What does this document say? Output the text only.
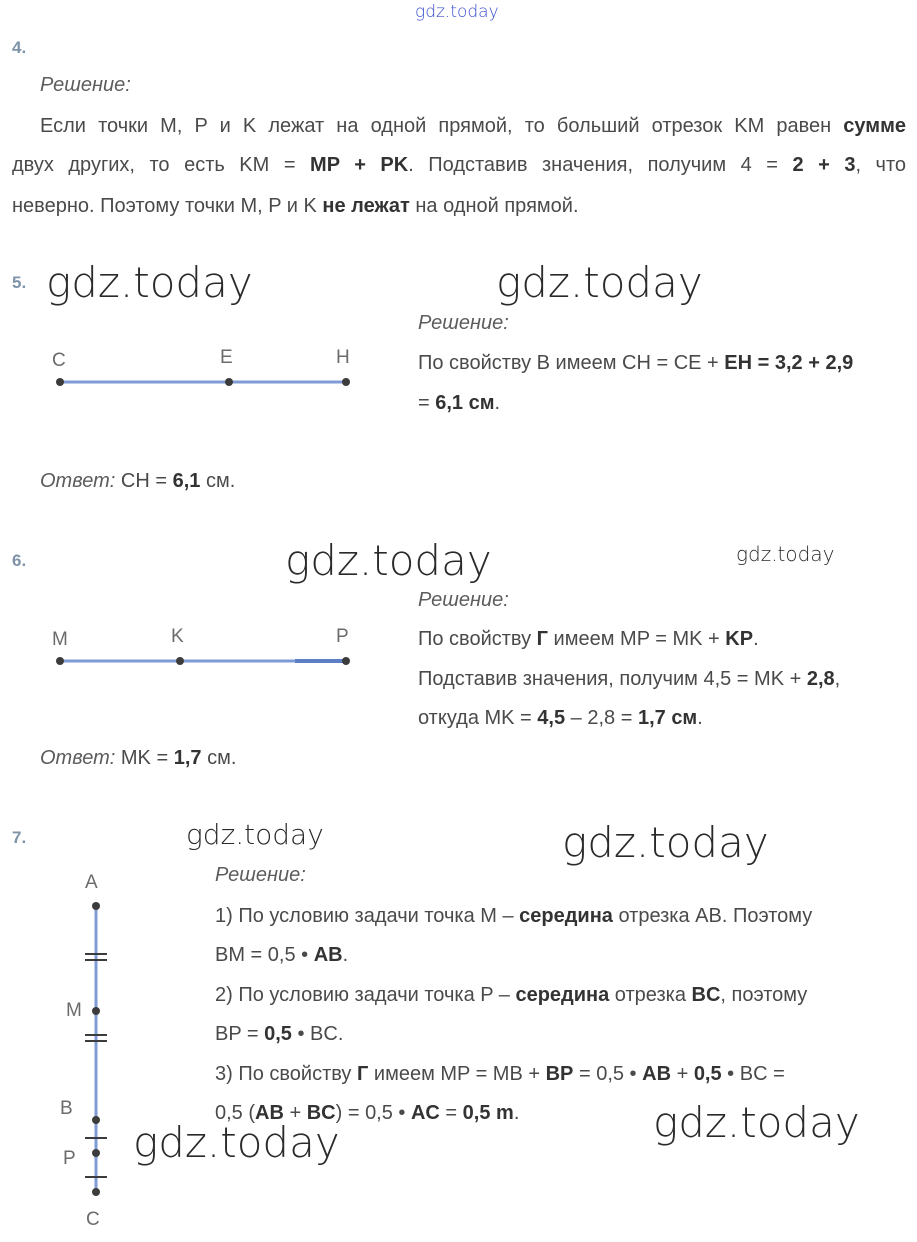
gdz.today
4.
Решение:
Если точки M, P и K лежат на одной прямой, то больший отрезок KM равен сумме
двух других, то есть KM = MP + PK. Подставив значения, получим 4 = 2 + 3, что
неверно. Поэтому точки M, P и K не лежат на одной прямой.
5. gdz.today	gdz.today
C	E	H
Решение:
По свойству В имеем CH = CE + EH = 3,2 + 2,9
= 6,1 см.
Ответ: CH = 6,1 см.
6.	gdz.today	gdz.today
M	K	P
Решение:
По свойству Г имеем MP = MK + KP.
Подставив значения, получим 4,5 = MK + 2,8,
откуда MK = 4,5 – 2,8 = 1,7 см.
Ответ: MK = 1,7 см.
7.	gdz.today	gdz.today
A
M
B
P
C
Решение:
1) По условию задачи точка M – середина отрезка AB. Поэтому
BM = 0,5 • AB.
2) По условию задачи точка P – середина отрезка BC, поэтому
BP = 0,5 • BC.
3) По свойству Г имеем MP = MB + BP = 0,5 • AB + 0,5 • BC =
0,5 (AB + BC) = 0,5 • AC = 0,5 m.
gdz.today	gdz.today
